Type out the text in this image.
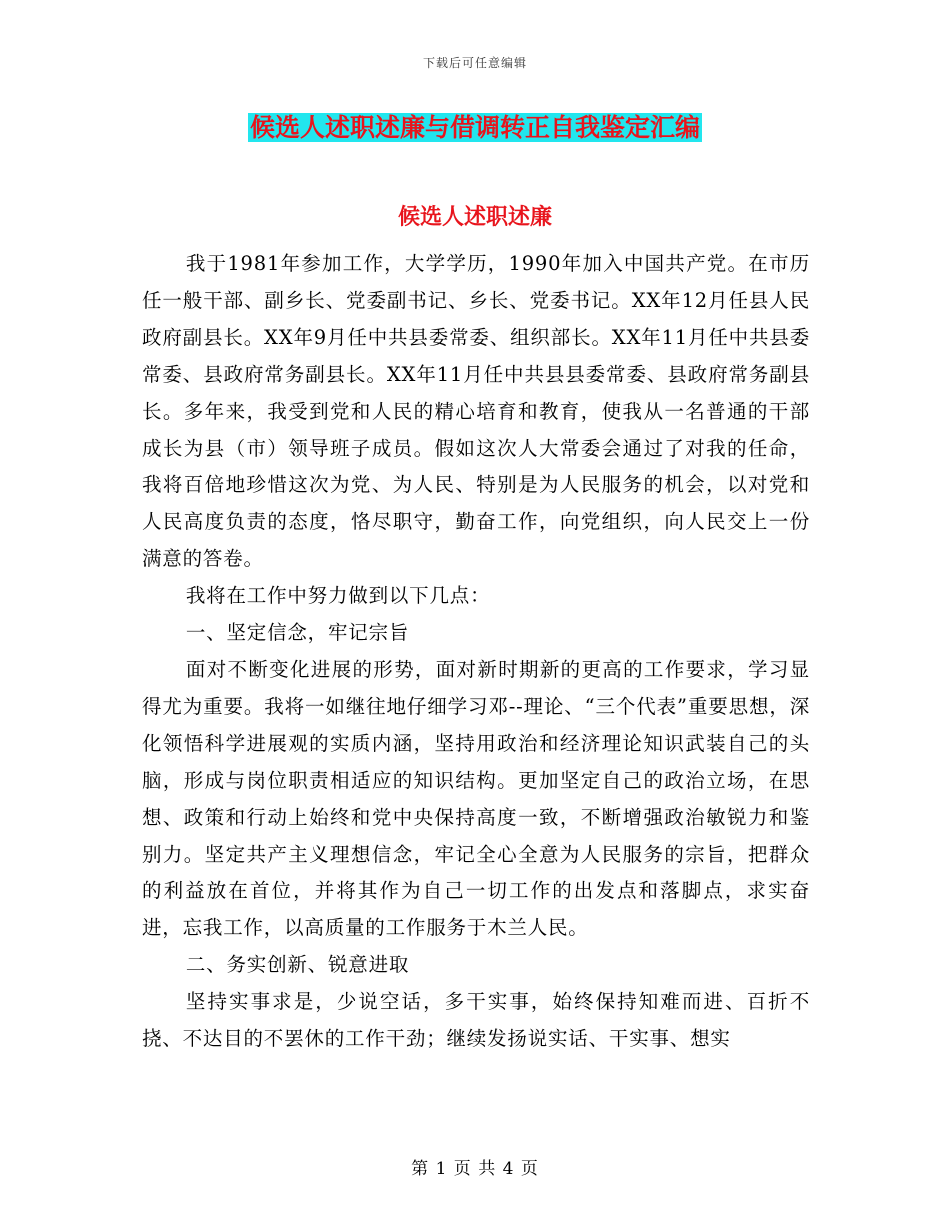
下载后可任意编辑
候选人述职述廉与借调转正自我鉴定汇编
候选人述职述廉

我于1981年参加工作，大学学历，1990年加入中国共产党。在市历任一般干部、副乡长、党委副书记、乡长、党委书记。XX年12月任县人民政府副县长。XX年9月任中共县委常委、组织部长。XX年11月任中共县委常委、县政府常务副县长。XX年11月任中共县县委常委、县政府常务副县长。多年来，我受到党和人民的精心培育和教育，使我从一名普通的干部成长为县（市）领导班子成员。假如这次人大常委会通过了对我的任命，我将百倍地珍惜这次为党、为人民、特别是为人民服务的机会，以对党和人民高度负责的态度，恪尽职守，勤奋工作，向党组织，向人民交上一份满意的答卷。

我将在工作中努力做到以下几点：

一、坚定信念，牢记宗旨

面对不断变化进展的形势，面对新时期新的更高的工作要求，学习显得尤为重要。我将一如继往地仔细学习邓--理论、“三个代表”重要思想，深化领悟科学进展观的实质内涵，坚持用政治和经济理论知识武装自己的头脑，形成与岗位职责相适应的知识结构。更加坚定自己的政治立场，在思想、政策和行动上始终和党中央保持高度一致，不断增强政治敏锐力和鉴别力。坚定共产主义理想信念，牢记全心全意为人民服务的宗旨，把群众的利益放在首位，并将其作为自己一切工作的出发点和落脚点，求实奋进，忘我工作，以高质量的工作服务于木兰人民。

二、务实创新、锐意进取

坚持实事求是，少说空话，多干实事，始终保持知难而进、百折不挠、不达目的不罢休的工作干劲；继续发扬说实话、干实事、想实

第 1 页 共 4 页
